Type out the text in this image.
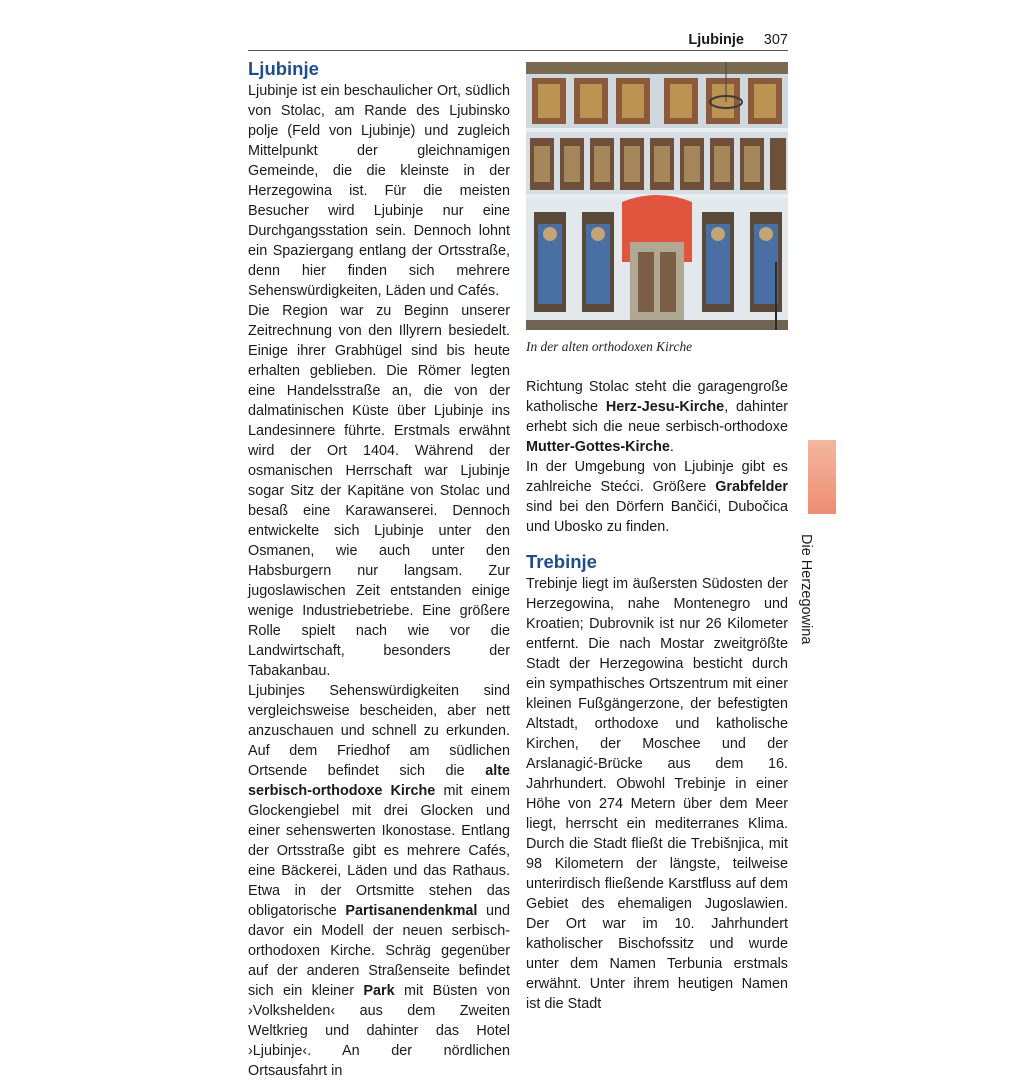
Ljubinje 307
Ljubinje

Ljubinje ist ein beschaulicher Ort, südlich von Stolac, am Rande des Ljubinsko polje (Feld von Ljubinje) und zugleich Mittelpunkt der gleichnamigen Gemeinde, die die kleinste in der Herzegowina ist. Für die meisten Besucher wird Ljubinje nur eine Durchgangsstation sein. Dennoch lohnt ein Spaziergang entlang der Ortsstraße, denn hier finden sich mehrere Sehenswürdigkeiten, Läden und Cafés.

Die Region war zu Beginn unserer Zeitrechnung von den Illyrern besiedelt. Einige ihrer Grabhügel sind bis heute erhalten geblieben. Die Römer legten eine Handelsstraße an, die von der dalmatinischen Küste über Ljubinje ins Landesinnere führte. Erstmals erwähnt wird der Ort 1404. Während der osmanischen Herrschaft war Ljubinje sogar Sitz der Kapitäne von Stolac und besaß eine Karawanserei. Dennoch entwickelte sich Ljubinje unter den Osmanen, wie auch unter den Habsburgern nur langsam. Zur jugoslawischen Zeit entstanden einige wenige Industriebetriebe. Eine größere Rolle spielt nach wie vor die Landwirtschaft, besonders der Tabakanbau.

Ljubinjes Sehenswürdigkeiten sind vergleichsweise bescheiden, aber nett anzuschauen und schnell zu erkunden. Auf dem Friedhof am südlichen Ortsende befindet sich die alte serbisch-orthodoxe Kirche mit einem Glockengiebel mit drei Glocken und einer sehenswerten Ikonostase. Entlang der Ortsstraße gibt es mehrere Cafés, eine Bäckerei, Läden und das Rathaus. Etwa in der Ortsmitte stehen das obligatorische Partisanendenkmal und davor ein Modell der neuen serbisch-orthodoxen Kirche. Schräg gegenüber auf der anderen Straßenseite befindet sich ein kleiner Park mit Büsten von ›Volkshelden‹ aus dem Zweiten Weltkrieg und dahinter das Hotel ›Ljubinje‹. An der nördlichen Ortsausfahrt in

In der alten orthodoxen Kirche

Richtung Stolac steht die garagengroße katholische Herz-Jesu-Kirche, dahinter erhebt sich die neue serbisch-orthodoxe Mutter-Gottes-Kirche.

In der Umgebung von Ljubinje gibt es zahlreiche Stećci. Größere Grabfelder sind bei den Dörfern Bančići, Dubočica und Ubosko zu finden.

Trebinje

Trebinje liegt im äußersten Südosten der Herzegowina, nahe Montenegro und Kroatien; Dubrovnik ist nur 26 Kilometer entfernt. Die nach Mostar zweitgrößte Stadt der Herzegowina besticht durch ein sympathisches Ortszentrum mit einer kleinen Fußgängerzone, der befestigten Altstadt, orthodoxe und katholische Kirchen, der Moschee und der Arslanagić-Brücke aus dem 16. Jahrhundert. Obwohl Trebinje in einer Höhe von 274 Metern über dem Meer liegt, herrscht ein mediterranes Klima. Durch die Stadt fließt die Trebišnjica, mit 98 Kilometern der längste, teilweise unterirdisch fließende Karstfluss auf dem Gebiet des ehemaligen Jugoslawien. Der Ort war im 10. Jahrhundert katholischer Bischofssitz und wurde unter dem Namen Terbunia erstmals erwähnt. Unter ihrem heutigen Namen ist die Stadt

Die Herzegowina
